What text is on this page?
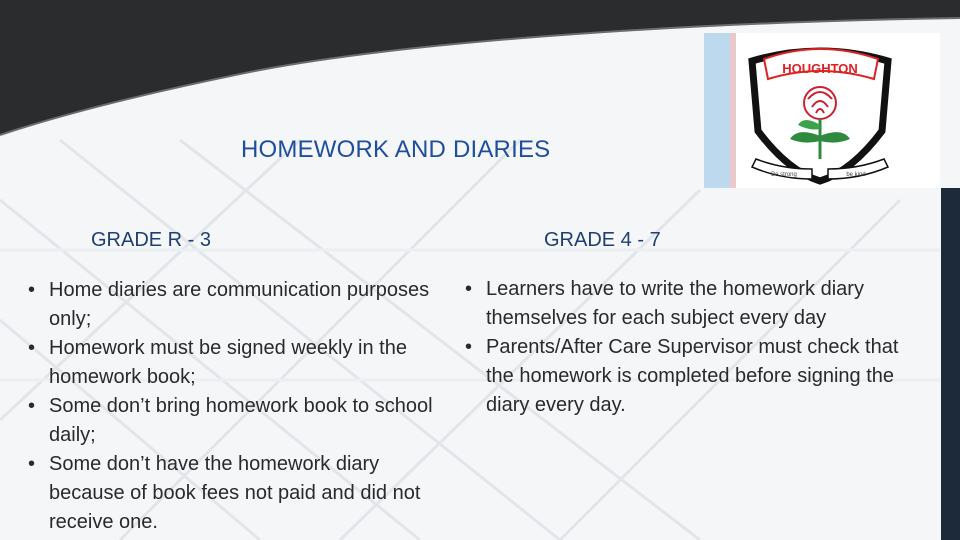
HOUGHTON
Be strong	be kind
HOMEWORK AND DIARIES
GRADE R - 3	GRADE 4 - 7
• Home diaries are communication purposes only;
• Homework must be signed weekly in the homework book;
• Some don’t bring homework book to school daily;
• Some don’t have the homework diary because of book fees not paid and did not receive one.
• Learners have to write the homework diary themselves for each subject every day
• Parents/After Care Supervisor must check that the homework is completed before signing the diary every day.
